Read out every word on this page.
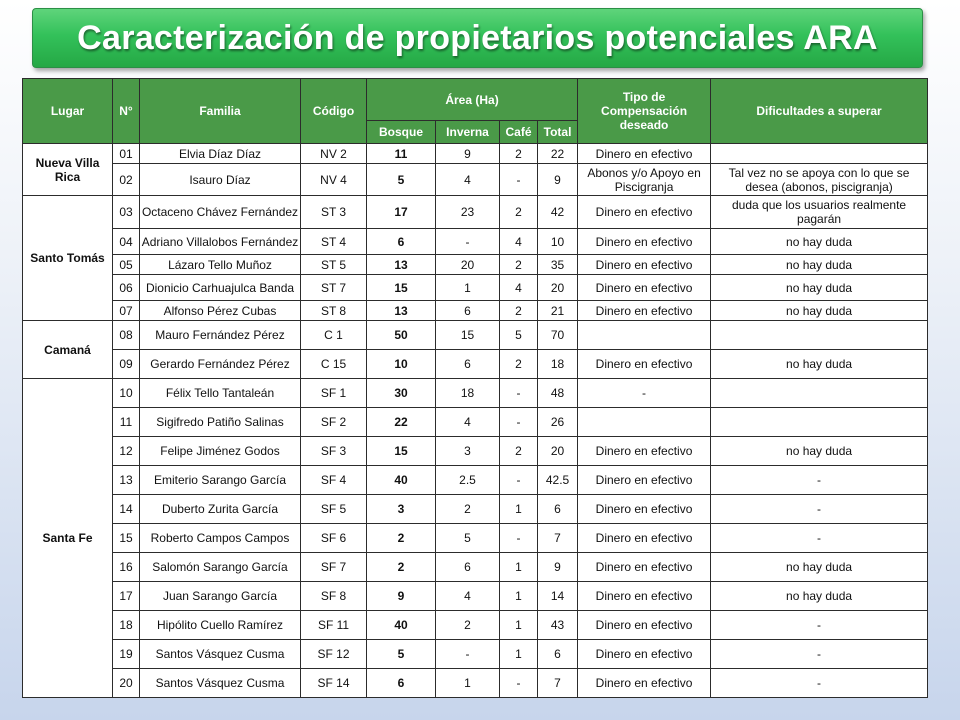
Caracterización de propietarios potenciales ARA
Lugar	N°	Familia	Código	Área (Ha)				Tipo de Compensación deseado	Dificultades a superar
				Bosque	Inverna	Café	Total		
Nueva Villa Rica	01	Elvia Díaz Díaz	NV 2	11	9	2	22	Dinero en efectivo	
	02	Isauro Díaz	NV 4	5	4	-	9	Abonos y/o Apoyo en Piscigranja	Tal vez no se apoya con lo que se desea (abonos, piscigranja)
Santo Tomás	03	Octaceno Chávez Fernández	ST 3	17	23	2	42	Dinero en efectivo	duda que los usuarios realmente pagarán
	04	Adriano Villalobos Fernández	ST 4	6	-	4	10	Dinero en efectivo	no hay duda
	05	Lázaro Tello Muñoz	ST 5	13	20	2	35	Dinero en efectivo	no hay duda
	06	Dionicio Carhuajulca Banda	ST 7	15	1	4	20	Dinero en efectivo	no hay duda
	07	Alfonso Pérez Cubas	ST 8	13	6	2	21	Dinero en efectivo	no hay duda
Camaná	08	Mauro Fernández Pérez	C 1	50	15	5	70		
	09	Gerardo Fernández Pérez	C 15	10	6	2	18	Dinero en efectivo	no hay duda
Santa Fe	10	Félix Tello Tantaleán	SF 1	30	18	-	48	-	
	11	Sigifredo Patiño Salinas	SF 2	22	4	-	26		
	12	Felipe Jiménez Godos	SF 3	15	3	2	20	Dinero en efectivo	no hay duda
	13	Emiterio Sarango García	SF 4	40	2.5	-	42.5	Dinero en efectivo	-
	14	Duberto Zurita García	SF 5	3	2	1	6	Dinero en efectivo	-
	15	Roberto Campos Campos	SF 6	2	5	-	7	Dinero en efectivo	-
	16	Salomón Sarango García	SF 7	2	6	1	9	Dinero en efectivo	no hay duda
	17	Juan Sarango García	SF 8	9	4	1	14	Dinero en efectivo	no hay duda
	18	Hipólito Cuello Ramírez	SF 11	40	2	1	43	Dinero en efectivo	-
	19	Santos Vásquez Cusma	SF 12	5	-	1	6	Dinero en efectivo	-
	20	Santos Vásquez Cusma	SF 14	6	1	-	7	Dinero en efectivo	-
